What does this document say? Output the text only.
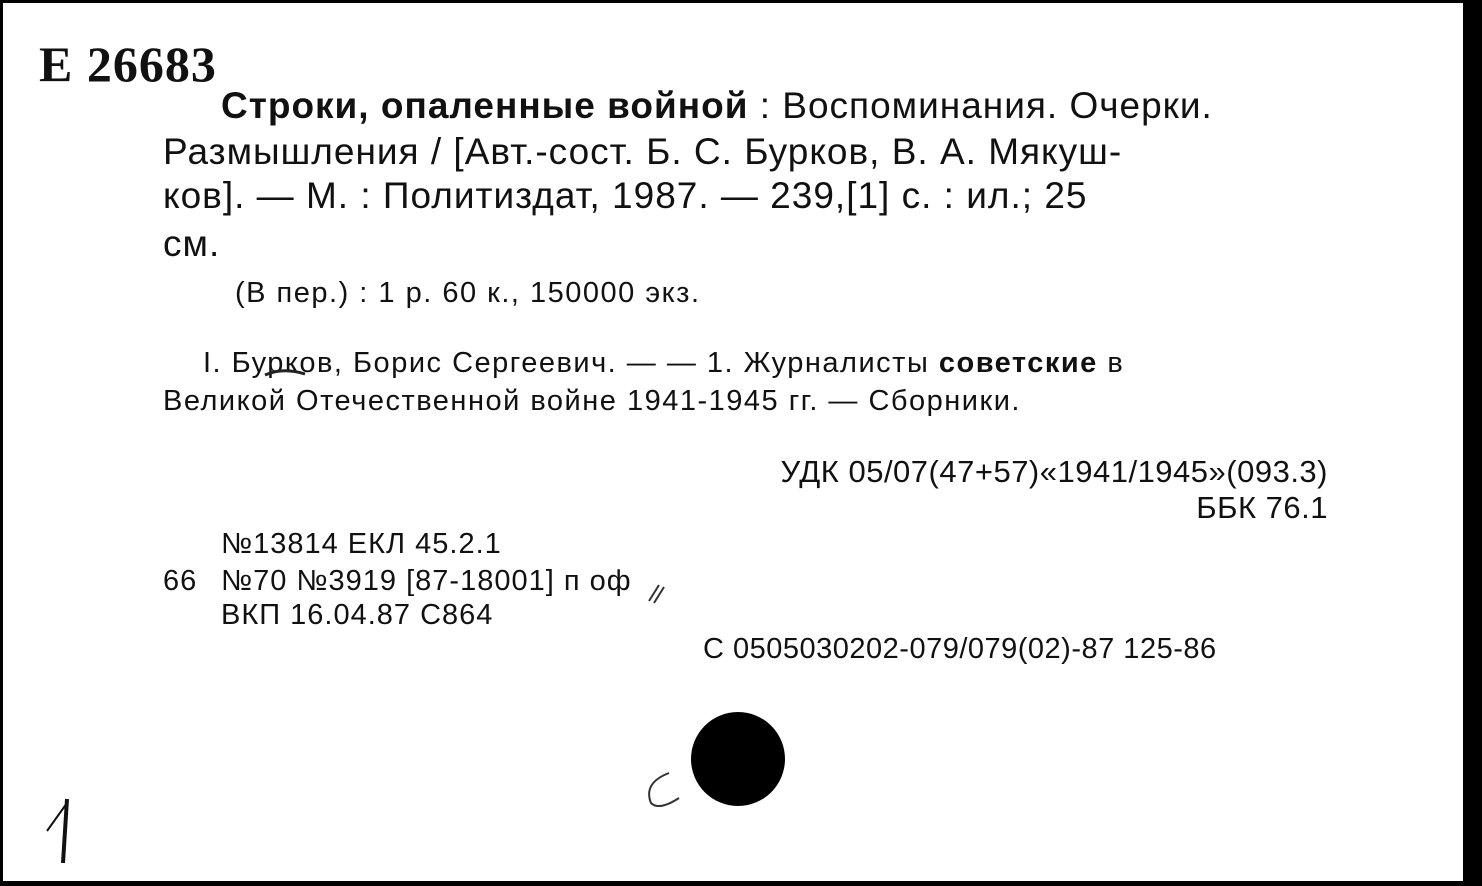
Е 26683
Строки, опаленные войной : Воспоминания. Очерки.
Размышления / [Авт.-сост. Б. С. Бурков, В. А. Мякуш-
ков]. — М. : Политиздат, 1987. — 239,[1] с. : ил.; 25
см.
(В пер.) : 1 р. 60 к., 150000 экз.
I. Бурков, Борис Сергеевич. — — 1. Журналисты советские в
Великой Отечественной войне 1941-1945 гг. — Сборники.
УДК 05/07(47+57)«1941/1945»(093.3)
ББК 76.1
№13814 ЕКЛ 45.2.1
66 №70 №3919 [87-18001] п оф
ВКП 16.04.87 С864
С 0505030202-079/079(02)-87 125-86
